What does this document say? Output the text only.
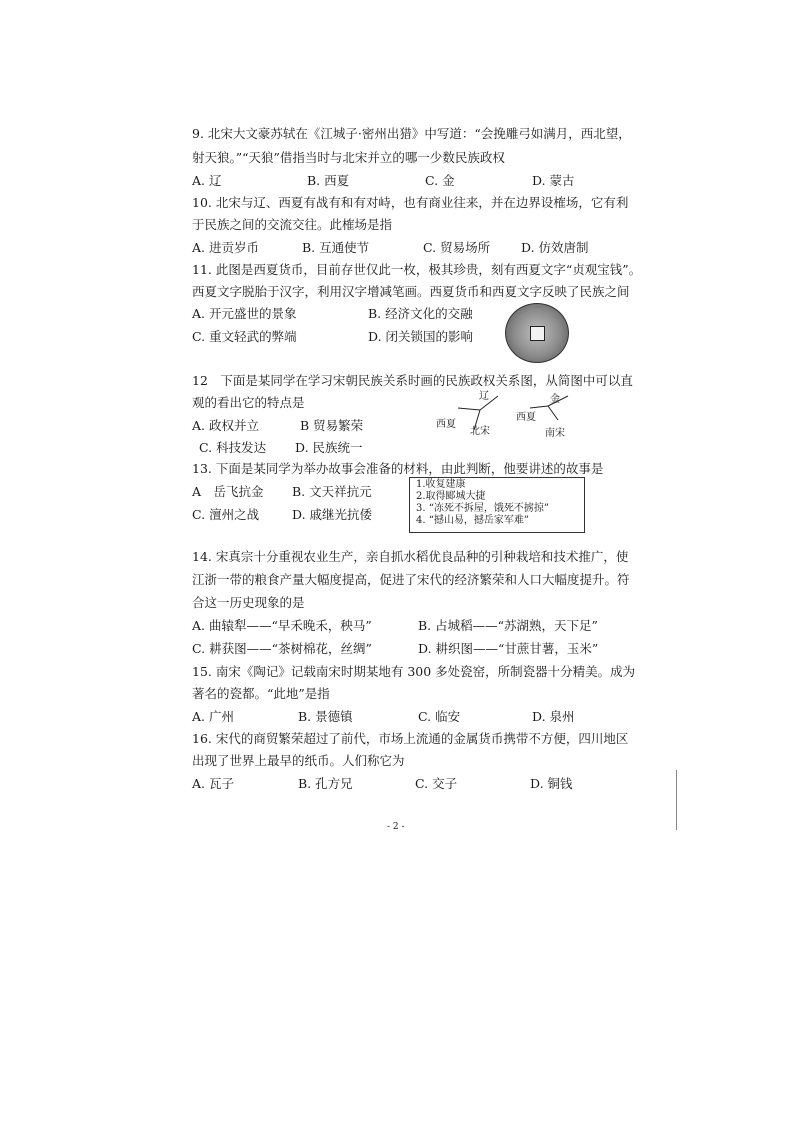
9. 北宋大文豪苏轼在《江城子·密州出猎》中写道：“会挽雕弓如满月，西北望，
射天狼。”“天狼”借指当时与北宋并立的哪一少数民族政权
A. 辽	B. 西夏	C. 金	D. 蒙古
10. 北宋与辽、西夏有战有和有对峙，也有商业往来，并在边界设榷场，它有利
于民族之间的交流交往。此榷场是指
A. 进贡岁币	B. 互通使节	C. 贸易场所 D. 仿效唐制
11. 此图是西夏货币，目前存世仅此一枚，极其珍贵，刻有西夏文字“贞观宝钱”。
西夏文字脱胎于汉字，利用汉字增减笔画。西夏货币和西夏文字反映了民族之间
A. 开元盛世的景象	B. 经济文化的交融
C. 重文轻武的弊端	D. 闭关锁国的影响
12　下面是某同学在学习宋朝民族关系时画的民族政权关系图，从简图中可以直
观的看出它的特点是
A. 政权并立	B 贸易繁荣
C. 科技发达 D. 民族统一
辽
西夏
北宋
金
西夏
南宋
13. 下面是某同学为举办故事会准备的材料，由此判断，他要讲述的故事是
A　岳飞抗金 B. 文天祥抗元
C. 澶州之战	D. 戚继光抗倭
1.收复建康
2.取得郾城大捷
3. “冻死不拆屋，饿死不掳掠”
4. “撼山易，撼岳家军难”
14. 宋真宗十分重视农业生产，亲自抓水稻优良品种的引种栽培和技术推广，使
江浙一带的粮食产量大幅度提高，促进了宋代的经济繁荣和人口大幅度提升。符
合这一历史现象的是
A. 曲辕犁——“早禾晚禾，秧马”	B. 占城稻——“苏湖熟，天下足”
C. 耕获图——“茶树棉花，丝绸”	D. 耕织图——“甘蔗甘薯，玉米”
15. 南宋《陶记》记载南宋时期某地有 300 多处瓷窑，所制瓷器十分精美。成为
著名的瓷都。“此地”是指
A. 广州	B. 景德镇	C. 临安	D. 泉州
16. 宋代的商贸繁荣超过了前代，市场上流通的金属货币携带不方便，四川地区
出现了世界上最早的纸币。人们称它为
A. 瓦子	B. 孔方兄	C. 交子	D. 铜钱
- 2 -
